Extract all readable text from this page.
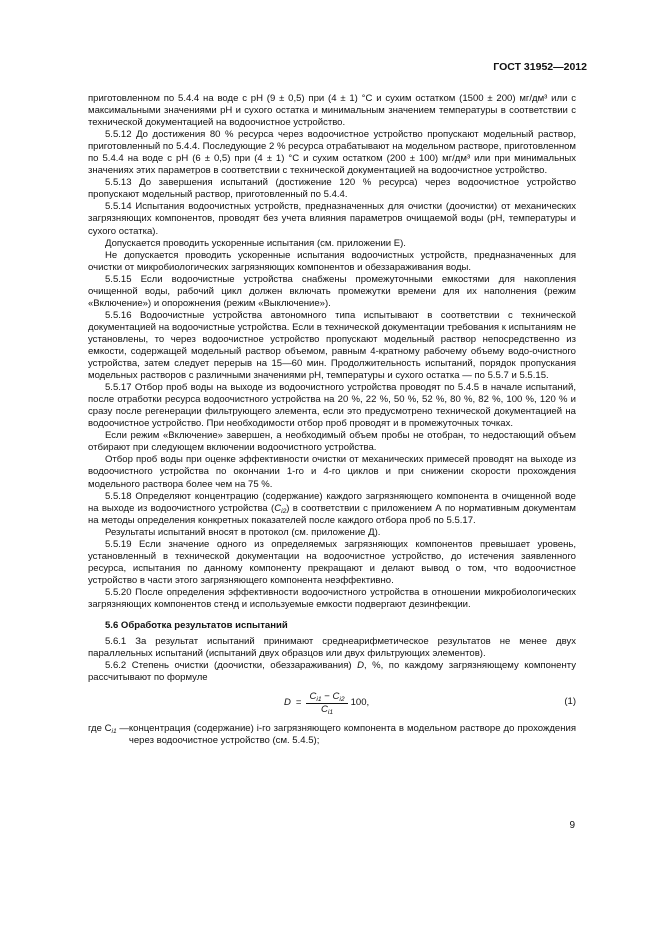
ГОСТ 31952—2012

приготовленном по 5.4.4 на воде с pH (9 ± 0,5) при (4 ± 1) °С и сухим остатком (1500 ± 200) мг/дм³ или с максимальными значениями pH и сухого остатка и минимальным значением температуры в соответствии с технической документацией на водоочистное устройство.

5.5.12 До достижения 80 % ресурса через водоочистное устройство пропускают модельный раствор, приготовленный по 5.4.4. Последующие 2 % ресурса отрабатывают на модельном растворе, приготовленном по 5.4.4 на воде с pH (6 ± 0,5) при (4 ± 1) °С и сухим остатком (200 ± 100) мг/дм³ или при минимальных значениях этих параметров в соответствии с технической документацией на водоочистное устройство.

5.5.13 До завершения испытаний (достижение 120 % ресурса) через водоочистное устройство пропускают модельный раствор, приготовленный по 5.4.4.

5.5.14 Испытания водоочистных устройств, предназначенных для очистки (доочистки) от механических загрязняющих компонентов, проводят без учета влияния параметров очищаемой воды (pH, температуры и сухого остатка).

Допускается проводить ускоренные испытания (см. приложении Е).

Не допускается проводить ускоренные испытания водоочистных устройств, предназначенных для очистки от микробиологических загрязняющих компонентов и обеззараживания воды.

5.5.15 Если водоочистные устройства снабжены промежуточными емкостями для накопления очищенной воды, рабочий цикл должен включать промежутки времени для их наполнения (режим «Включение») и опорожнения (режим «Выключение»).

5.5.16 Водоочистные устройства автономного типа испытывают в соответствии с технической документацией на водоочистные устройства. Если в технической документации требования к испытаниям не установлены, то через водоочистное устройство пропускают модельный раствор непосредственно из емкости, содержащей модельный раствор объемом, равным 4-кратному рабочему объему водо-очистного устройства, затем следует перерыв на 15—60 мин. Продолжительность испытаний, порядок пропускания модельных растворов с различными значениями pH, температуры и сухого остатка — по 5.5.7 и 5.5.15.

5.5.17 Отбор проб воды на выходе из водоочистного устройства проводят по 5.4.5 в начале испытаний, после отработки ресурса водоочистного устройства на 20 %, 22 %, 50 %, 52 %, 80 %, 82 %, 100 %, 120 % и сразу после регенерации фильтрующего элемента, если это предусмотрено технической документацией на водоочистное устройство. При необходимости отбор проб проводят и в промежуточных точках.

Если режим «Включение» завершен, а необходимый объем пробы не отобран, то недостающий объем отбирают при следующем включении водоочистного устройства.

Отбор проб воды при оценке эффективности очистки от механических примесей проводят на выходе из водоочистного устройства по окончании 1-го и 4-го циклов и при снижении скорости прохождения модельного раствора более чем на 75 %.

5.5.18 Определяют концентрацию (содержание) каждого загрязняющего компонента в очищенной воде на выходе из водоочистного устройства $(C_{i2})$ в соответствии с приложением А по нормативным документам на методы определения конкретных показателей после каждого отбора проб по 5.5.17.

Результаты испытаний вносят в протокол (см. приложение Д).

5.5.19 Если значение одного из определяемых загрязняющих компонентов превышает уровень, установленный в технической документации на водоочистное устройство, до истечения заявленного ресурса, испытания по данному компоненту прекращают и делают вывод о том, что водоочистное устройство в части этого загрязняющего компонента неэффективно.

5.5.20 После определения эффективности водоочистного устройства в отношении микробиологических загрязняющих компонентов стенд и используемые емкости подвергают дезинфекции.

5.6 Обработка результатов испытаний

5.6.1 За результат испытаний принимают среднеарифметическое результатов не менее двух параллельных испытаний (испытаний двух образцов или двух фильтрующих элементов).

5.6.2 Степень очистки (доочистки, обеззараживания) D, %, по каждому загрязняющему компоненту рассчитывают по формуле

$D = \frac{C_{i1} - C_{i2}}{C_{i1}} 100$,	(1)
где $C_{i1}$ — концентрация (содержание) i-го загрязняющего компонента в модельном растворе до прохождения через водоочистное устройство (см. 5.4.5);
9
